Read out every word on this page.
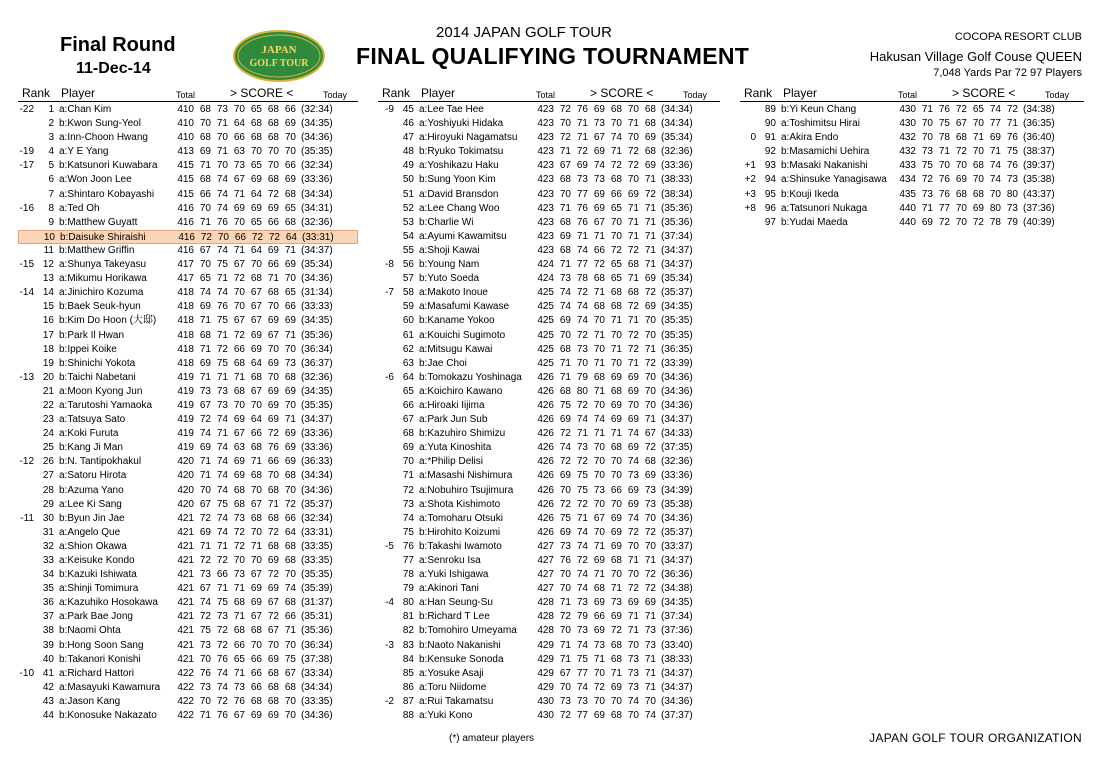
Final Round
11-Dec-14
JAPAN
GOLF TOUR
2014 JAPAN GOLF TOUR
FINAL QUALIFYING TOURNAMENT
COCOPA RESORT CLUB
Hakusan Village Golf Couse QUEEN
7,048 Yards Par 72 97 Players
Rank Player	Total	> SCORE <	Today
-22	1 a:Chan Kim	410 68 73 70 65 68 66 (32:34)
2 b:Kwon Sung-Yeol	410 70 71 64 68 68 69 (34:35)
3 a:Inn-Choon Hwang	410 68 70 66 68 68 70 (34:36)
-19	4 a:Y E Yang	413 69 71 63 70 70 70 (35:35)
-17	5 b:Katsunori Kuwabara	415 71 70 73 65 70 66 (32:34)
6 a:Won Joon Lee	415 68 74 67 69 68 69 (33:36)
7 a:Shintaro Kobayashi	415 66 74 71 64 72 68 (34:34)
-16	8 a:Ted Oh	416 70 74 69 69 69 65 (34:31)
9 b:Matthew Guyatt	416 71 76 70 65 66 68 (32:36)
10 b:Daisuke Shiraishi	416 72 70 66 72 72 64 (33:31)
11 b:Matthew Griffin	416 67 74 71 64 69 71 (34:37)
-15 12 a:Shunya Takeyasu	417 70 75 67 70 66 69 (35:34)
13 a:Mikumu Horikawa	417 65 71 72 68 71 70 (34:36)
-14 14 a:Jinichiro Kozuma	418 74 74 70 67 68 65 (31:34)
15 b:Baek Seuk-hyun	418 69 76 70 67 70 66 (33:33)
16 b:Kim Do Hoon (大邸)	418 71 75 67 67 69 69 (34:35)
17 b:Park Il Hwan	418 68 71 72 69 67 71 (35:36)
18 b:Ippei Koike	418 71 72 66 69 70 70 (36:34)
19 b:Shinichi Yokota	418 69 75 68 64 69 73 (36:37)
-13 20 b:Taichi Nabetani	419 71 71 71 68 70 68 (32:36)
21 a:Moon Kyong Jun	419 73 73 68 67 69 69 (34:35)
22 a:Tarutoshi Yamaoka	419 67 73 70 70 69 70 (35:35)
23 a:Tatsuya Sato	419 72 74 69 64 69 71 (34:37)
24 a:Koki Furuta	419 74 71 67 66 72 69 (33:36)
25 b:Kang Ji Man	419 69 74 63 68 76 69 (33:36)
-12 26 b:N. Tantipokhakul	420 71 74 69 71 66 69 (36:33)
27 a:Satoru Hirota	420 71 74 69 68 70 68 (34:34)
28 b:Azuma Yano	420 70 74 68 70 68 70 (34:36)
29 a:Lee Ki Sang	420 67 75 68 67 71 72 (35:37)
-11 30 b:Byun Jin Jae	421 72 74 73 68 68 66 (32:34)
31 a:Angelo Que	421 69 74 72 70 72 64 (33:31)
32 a:Shion Okawa	421 71 71 72 71 68 68 (33:35)
33 a:Keisuke Kondo	421 72 72 70 70 69 68 (33:35)
34 b:Kazuki Ishiwata	421 73 66 73 67 72 70 (35:35)
35 a:Shinji Tomimura	421 67 71 71 69 69 74 (35:39)
36 a:Kazuhiko Hosokawa	421 74 75 68 69 67 68 (31:37)
37 a:Park Bae Jong	421 72 73 71 67 72 66 (35:31)
38 b:Naomi Ohta	421 75 72 68 68 67 71 (35:36)
39 b:Hong Soon Sang	421 73 72 66 70 70 70 (36:34)
40 b:Takanori Konishi	421 70 76 65 66 69 75 (37:38)
-10 41 a:Richard Hattori	422 76 74 71 66 68 67 (33:34)
42 a:Masayuki Kawamura	422 73 74 73 66 68 68 (34:34)
43 a:Jason Kang	422 70 72 76 68 68 70 (33:35)
44 b:Konosuke Nakazato	422 71 76 67 69 69 70 (34:36)
Rank Player	Total	> SCORE <	Today
-9 45 a:Lee Tae Hee	423 72 76 69 68 70 68 (34:34)
46 a:Yoshiyuki Hidaka	423 70 71 73 70 71 68 (34:34)
47 a:Hiroyuki Nagamatsu	423 72 71 67 74 70 69 (35:34)
48 b:Ryuko Tokimatsu	423 71 72 69 71 72 68 (32:36)
49 a:Yoshikazu Haku	423 67 69 74 72 72 69 (33:36)
50 b:Sung Yoon Kim	423 68 73 73 68 70 71 (38:33)
51 a:David Bransdon	423 70 77 69 66 69 72 (38:34)
52 a:Lee Chang Woo	423 71 76 69 65 71 71 (35:36)
53 b:Charlie Wi	423 68 76 67 70 71 71 (35:36)
54 a:Ayumi Kawamitsu	423 69 71 71 70 71 71 (37:34)
55 a:Shoji Kawai	423 68 74 66 72 72 71 (34:37)
-8 56 b:Young Nam	424 71 77 72 65 68 71 (34:37)
57 b:Yuto Soeda	424 73 78 68 65 71 69 (35:34)
-7 58 a:Makoto Inoue	425 74 72 71 68 68 72 (35:37)
59 a:Masafumi Kawase	425 74 74 68 68 72 69 (34:35)
60 b:Kaname Yokoo	425 69 74 70 71 71 70 (35:35)
61 a:Kouichi Sugimoto	425 70 72 71 70 72 70 (35:35)
62 a:Mitsugu Kawai	425 68 73 70 71 72 71 (36:35)
63 b:Jae Choi	425 71 70 71 70 71 72 (33:39)
-6 64 b:Tomokazu Yoshinaga	426 71 79 68 69 69 70 (34:36)
65 a:Koichiro Kawano	426 68 80 71 68 69 70 (34:36)
66 a:Hiroaki Iijima	426 75 72 70 69 70 70 (34:36)
67 a:Park Jun Sub	426 69 74 74 69 69 71 (34:37)
68 b:Kazuhiro Shimizu	426 72 71 71 71 74 67 (34:33)
69 a:Yuta Kinoshita	426 74 73 70 68 69 72 (37:35)
70 a:*Philip Delisi	426 72 72 70 70 74 68 (32:36)
71 a:Masashi Nishimura	426 69 75 70 70 73 69 (33:36)
72 a:Nobuhiro Tsujimura	426 70 75 73 66 69 73 (34:39)
73 a:Shota Kishimoto	426 72 72 70 70 69 73 (35:38)
74 a:Tomoharu Otsuki	426 75 71 67 69 74 70 (34:36)
75 b:Hirohito Koizumi	426 69 74 70 69 72 72 (35:37)
-5 76 b:Takashi Iwamoto	427 73 74 71 69 70 70 (33:37)
77 a:Senroku Isa	427 76 72 69 68 71 71 (34:37)
78 a:Yuki Ishigawa	427 70 74 71 70 70 72 (36:36)
79 a:Akinori Tani	427 70 74 68 71 72 72 (34:38)
-4 80 a:Han Seung-Su	428 71 73 69 73 69 69 (34:35)
81 b:Richard T Lee	428 72 79 66 69 71 71 (37:34)
82 b:Tomohiro Umeyama	428 70 73 69 72 71 73 (37:36)
-3 83 b:Naoto Nakanishi	429 71 74 73 68 70 73 (33:40)
84 b:Kensuke Sonoda	429 71 75 71 68 73 71 (38:33)
85 a:Yosuke Asaji	429 67 77 70 71 73 71 (34:37)
86 a:Toru Niidome	429 70 74 72 69 73 71 (34:37)
-2 87 a:Rui Takamatsu	430 73 73 70 70 74 70 (34:36)
88 a:Yuki Kono	430 72 77 69 68 70 74 (37:37)
Rank Player	Total	> SCORE <	Today
89 b:Yi Keun Chang	430 71 76 72 65 74 72 (34:38)
90 a:Toshimitsu Hirai	430 70 75 67 70 77 71 (36:35)
0 91 a:Akira Endo	432 70 78 68 71 69 76 (36:40)
92 b:Masamichi Uehira	432 73 71 72 70 71 75 (38:37)
+1 93 b:Masaki Nakanishi	433 75 70 70 68 74 76 (39:37)
+2 94 a:Shinsuke Yanagisawa	434 72 76 69 70 74 73 (35:38)
+3 95 b:Kouji Ikeda	435 73 76 68 68 70 80 (43:37)
+8 96 a:Tatsunori Nukaga	440 71 77 70 69 80 73 (37:36)
97 b:Yudai Maeda	440 69 72 70 72 78 79 (40:39)
(*) amateur players	JAPAN GOLF TOUR ORGANIZATION
